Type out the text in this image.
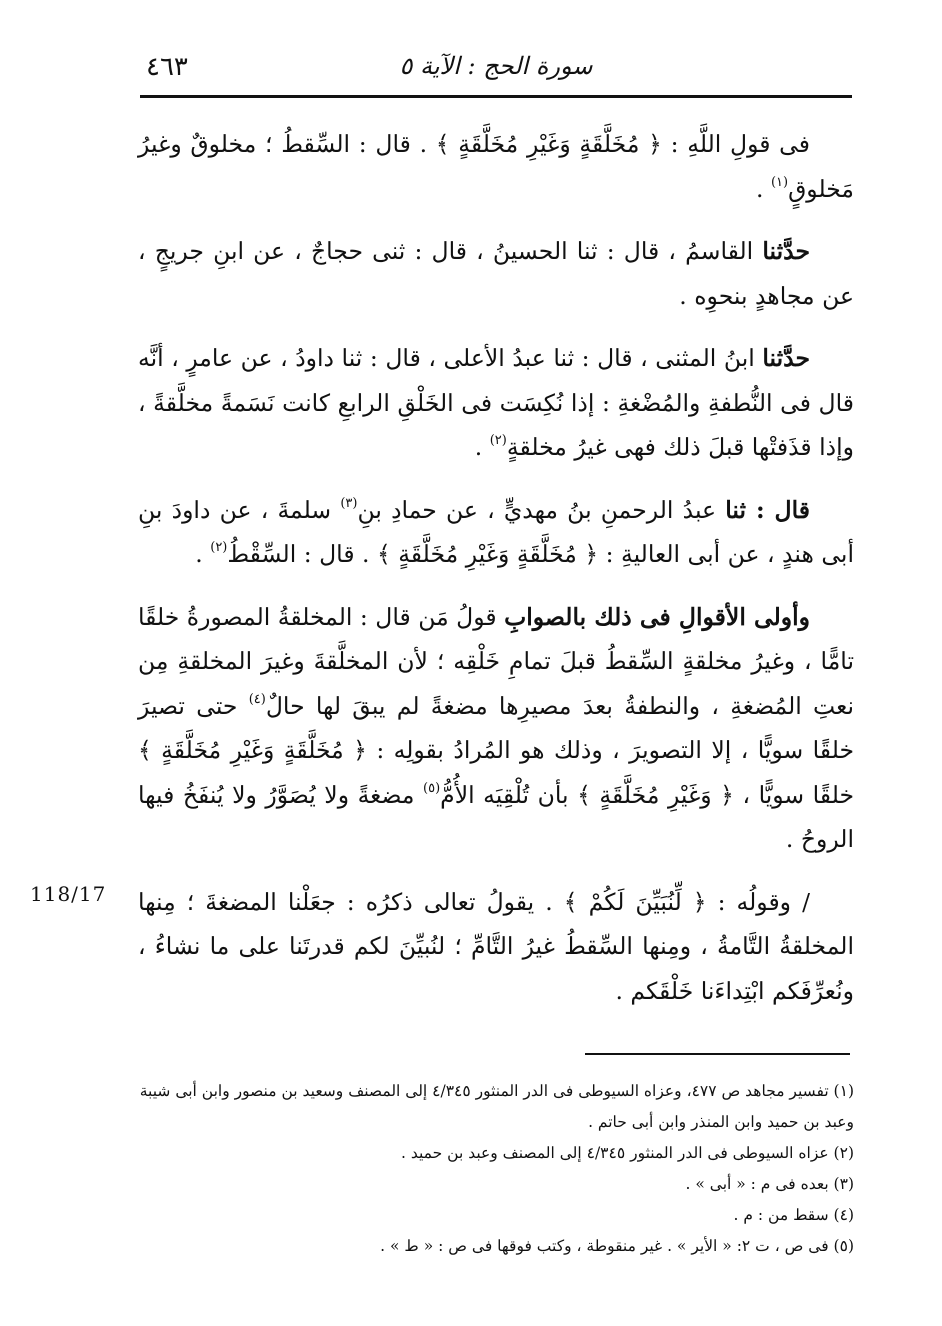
٤٦٣	سورة الحج : الآية ٥
118/17

فى قولِ اللَّهِ : ﴿ مُخَلَّقَةٍ وَغَيْرِ مُخَلَّقَةٍ ﴾ . قال : السِّقطُ ؛ مخلوقٌ وغيرُ مَخلوقٍ$^{(١)}$ .

حدَّثنا القاسمُ ، قال : ثنا الحسينُ ، قال : ثنى حجاجٌ ، عن ابنِ جريجٍ ، عن مجاهدٍ بنحوِه .

حدَّثنا ابنُ المثنى ، قال : ثنا عبدُ الأعلى ، قال : ثنا داودُ ، عن عامرٍ ، أنَّه قال فى النُّطفةِ والمُضْغةِ : إذا نُكِسَت فى الخَلْقِ الرابعِ كانت نَسَمةً مخلَّقةً ، وإذا قذَفتْها قبلَ ذلك فهى غيرُ مخلقةٍ$^{(٢)}$ .

قال : ثنا عبدُ الرحمنِ بنُ مهديٍّ ، عن حمادِ بنِ$^{(٣)}$ سلمةَ ، عن داودَ بنِ أبى هندٍ ، عن أبى العاليةِ : ﴿ مُخَلَّقَةٍ وَغَيْرِ مُخَلَّقَةٍ ﴾ . قال : السِّقْطُ$^{(٢)}$ .

وأولى الأقوالِ فى ذلك بالصوابِ قولُ مَن قال : المخلقةُ المصورةُ خلقًا تامًّا ، وغيرُ مخلقةٍ السِّقطُ قبلَ تمامِ خَلْقِه ؛ لأن المخلَّقةَ وغيرَ المخلقةِ مِن نعتِ المُضغةِ ، والنطفةُ بعدَ مصيرِها مضغةً لم يبقَ لها حالٌ$^{(٤)}$ حتى تصيرَ خلقًا سويًّا ، إلا التصويرَ ، وذلك هو المُرادُ بقولِه : ﴿ مُخَلَّقَةٍ وَغَيْرِ مُخَلَّقَةٍ ﴾ خلقًا سويًّا ، ﴿ وَغَيْرِ مُخَلَّقَةٍ ﴾ بأن تُلْقِيَه الأُمُّ$^{(٥)}$ مضغةً ولا يُصَوَّرُ ولا يُنفَخُ فيها الروحُ .

/ وقولُه : ﴿ لِّنُبَيِّنَ لَكُمْ ﴾ . يقولُ تعالى ذكرُه : جعَلْنا المضغةَ ؛ مِنها المخلقةُ التَّامةُ ، ومِنها السِّقطُ غيرُ التَّامِّ ؛ لنُبيِّنَ لكم قدرتَنا على ما نشاءُ ، ونُعرِّفَكم ابْتِداءَنا خَلْقَكم .

(١) تفسير مجاهد ص ٤٧٧، وعزاه السيوطى فى الدر المنثور ٤/٣٤٥ إلى المصنف وسعيد بن منصور وابن أبى شيبة وعبد بن حميد وابن المنذر وابن أبى حاتم .

(٢) عزاه السيوطى فى الدر المنثور ٤/٣٤٥ إلى المصنف وعبد بن حميد .

(٣) بعده فى م : « أبى » .

(٤) سقط من : م .

(٥) فى ص ، ت ٢: « الأير » . غير منقوطة ، وكتب فوقها فى ص : « ط » .
